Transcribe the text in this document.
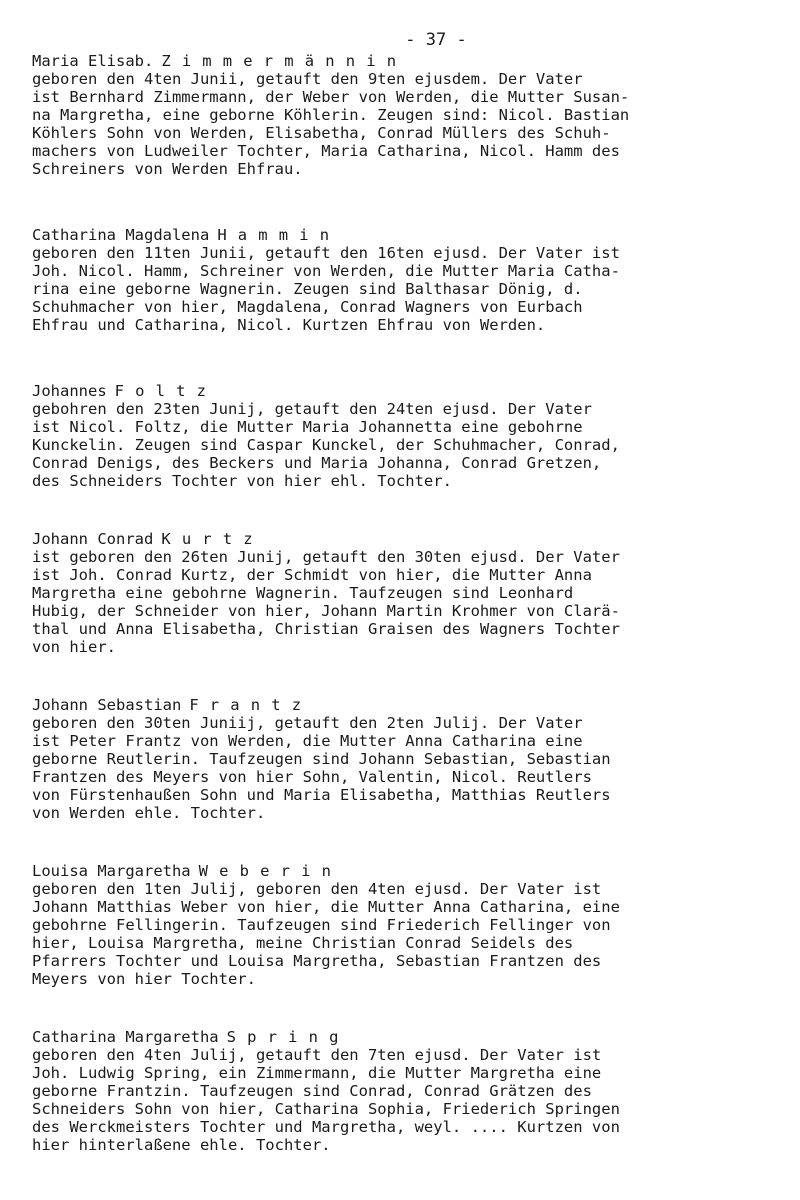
- 37 -
Maria Elisab. Zimmermännin
geboren den 4ten Junii, getauft den 9ten ejusdem. Der Vater
ist Bernhard Zimmermann, der Weber von Werden, die Mutter Susan-
na Margretha, eine geborne Köhlerin. Zeugen sind: Nicol. Bastian
Köhlers Sohn von Werden, Elisabetha, Conrad Müllers des Schuh-
machers von Ludweiler Tochter, Maria Catharina, Nicol. Hamm des
Schreiners von Werden Ehfrau.
Catharina Magdalena Hammin
geboren den 11ten Junii, getauft den 16ten ejusd. Der Vater ist
Joh. Nicol. Hamm, Schreiner von Werden, die Mutter Maria Catha-
rina eine geborne Wagnerin. Zeugen sind Balthasar Dönig, d.
Schuhmacher von hier, Magdalena, Conrad Wagners von Eurbach
Ehfrau und Catharina, Nicol. Kurtzen Ehfrau von Werden.
Johannes Foltz
gebohren den 23ten Junij, getauft den 24ten ejusd. Der Vater
ist Nicol. Foltz, die Mutter Maria Johannetta eine gebohrne
Kunckelin. Zeugen sind Caspar Kunckel, der Schuhmacher, Conrad,
Conrad Denigs, des Beckers und Maria Johanna, Conrad Gretzen,
des Schneiders Tochter von hier ehl. Tochter.
Johann Conrad Kurtz
ist geboren den 26ten Junij, getauft den 30ten ejusd. Der Vater
ist Joh. Conrad Kurtz, der Schmidt von hier, die Mutter Anna
Margretha eine gebohrne Wagnerin. Taufzeugen sind Leonhard
Hubig, der Schneider von hier, Johann Martin Krohmer von Clarä-
thal und Anna Elisabetha, Christian Graisen des Wagners Tochter
von hier.
Johann Sebastian Frantz
geboren den 30ten Juniij, getauft den 2ten Julij. Der Vater
ist Peter Frantz von Werden, die Mutter Anna Catharina eine
geborne Reutlerin. Taufzeugen sind Johann Sebastian, Sebastian
Frantzen des Meyers von hier Sohn, Valentin, Nicol. Reutlers
von Fürstenhaußen Sohn und Maria Elisabetha, Matthias Reutlers
von Werden ehle. Tochter.
Louisa Margaretha Weberin
geboren den 1ten Julij, geboren den 4ten ejusd. Der Vater ist
Johann Matthias Weber von hier, die Mutter Anna Catharina, eine
gebohrne Fellingerin. Taufzeugen sind Friederich Fellinger von
hier, Louisa Margretha, meine Christian Conrad Seidels des
Pfarrers Tochter und Louisa Margretha, Sebastian Frantzen des
Meyers von hier Tochter.
Catharina Margaretha Spring
geboren den 4ten Julij, getauft den 7ten ejusd. Der Vater ist
Joh. Ludwig Spring, ein Zimmermann, die Mutter Margretha eine
geborne Frantzin. Taufzeugen sind Conrad, Conrad Grätzen des
Schneiders Sohn von hier, Catharina Sophia, Friederich Springen
des Werckmeisters Tochter und Margretha, weyl. .... Kurtzen von
hier hinterlaßene ehle. Tochter.
